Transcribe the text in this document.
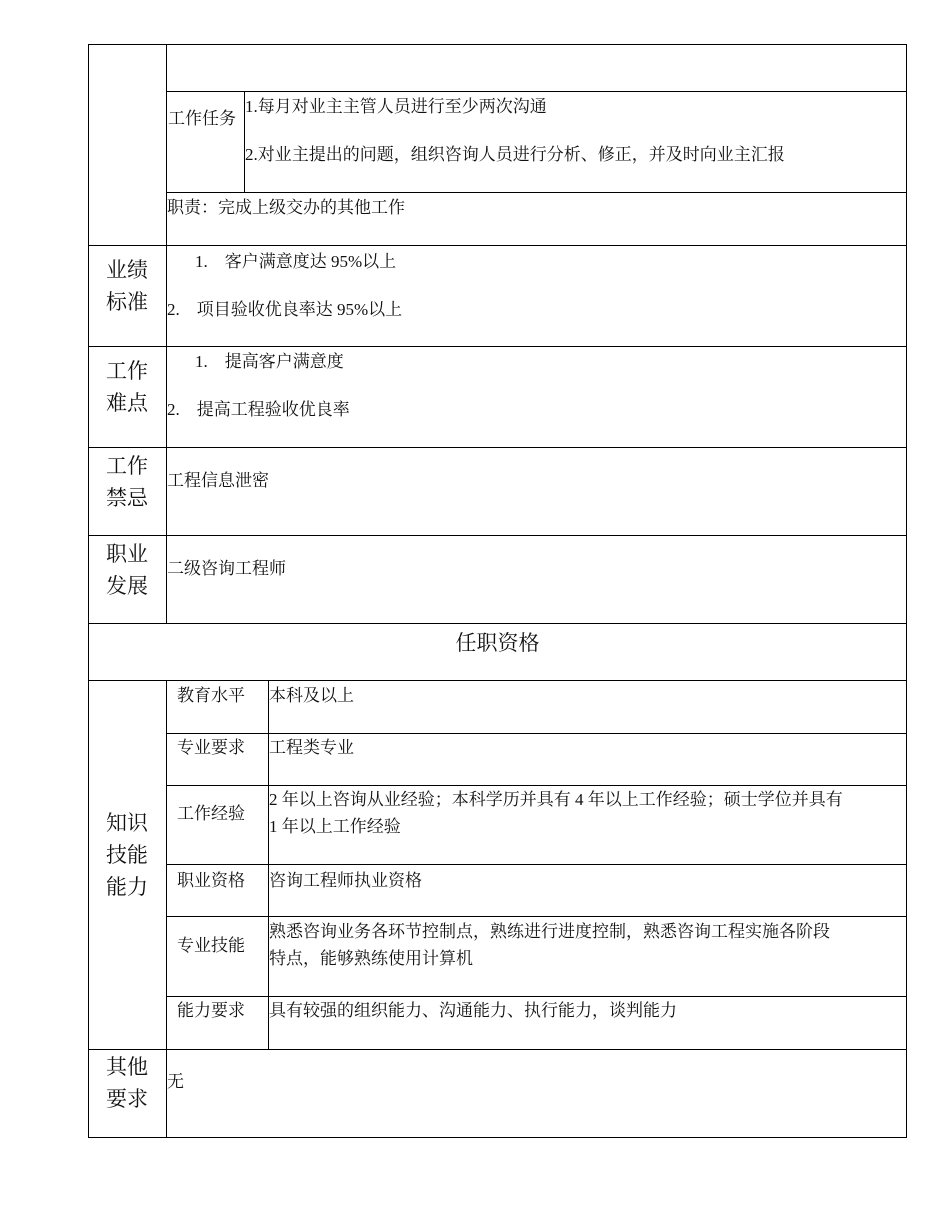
工作任务
1.每月对业主主管人员进行至少两次沟通
2.对业主提出的问题，组织咨询人员进行分析、修正，并及时向业主汇报
职责：完成上级交办的其他工作
业绩
标准
1.　客户满意度达 95%以上
2.　项目验收优良率达 95%以上
工作
难点
1.　提高客户满意度
2.　提高工程验收优良率
工作
禁忌
工程信息泄密
职业
发展
二级咨询工程师
任职资格
知识
技能
能力
教育水平 本科及以上
专业要求 工程类专业
工作经验
2 年以上咨询从业经验；本科学历并具有 4 年以上工作经验；硕士学位并具有
1 年以上工作经验
职业资格 咨询工程师执业资格
专业技能
熟悉咨询业务各环节控制点，熟练进行进度控制，熟悉咨询工程实施各阶段
特点，能够熟练使用计算机
能力要求 具有较强的组织能力、沟通能力、执行能力，谈判能力
其他
要求
无
